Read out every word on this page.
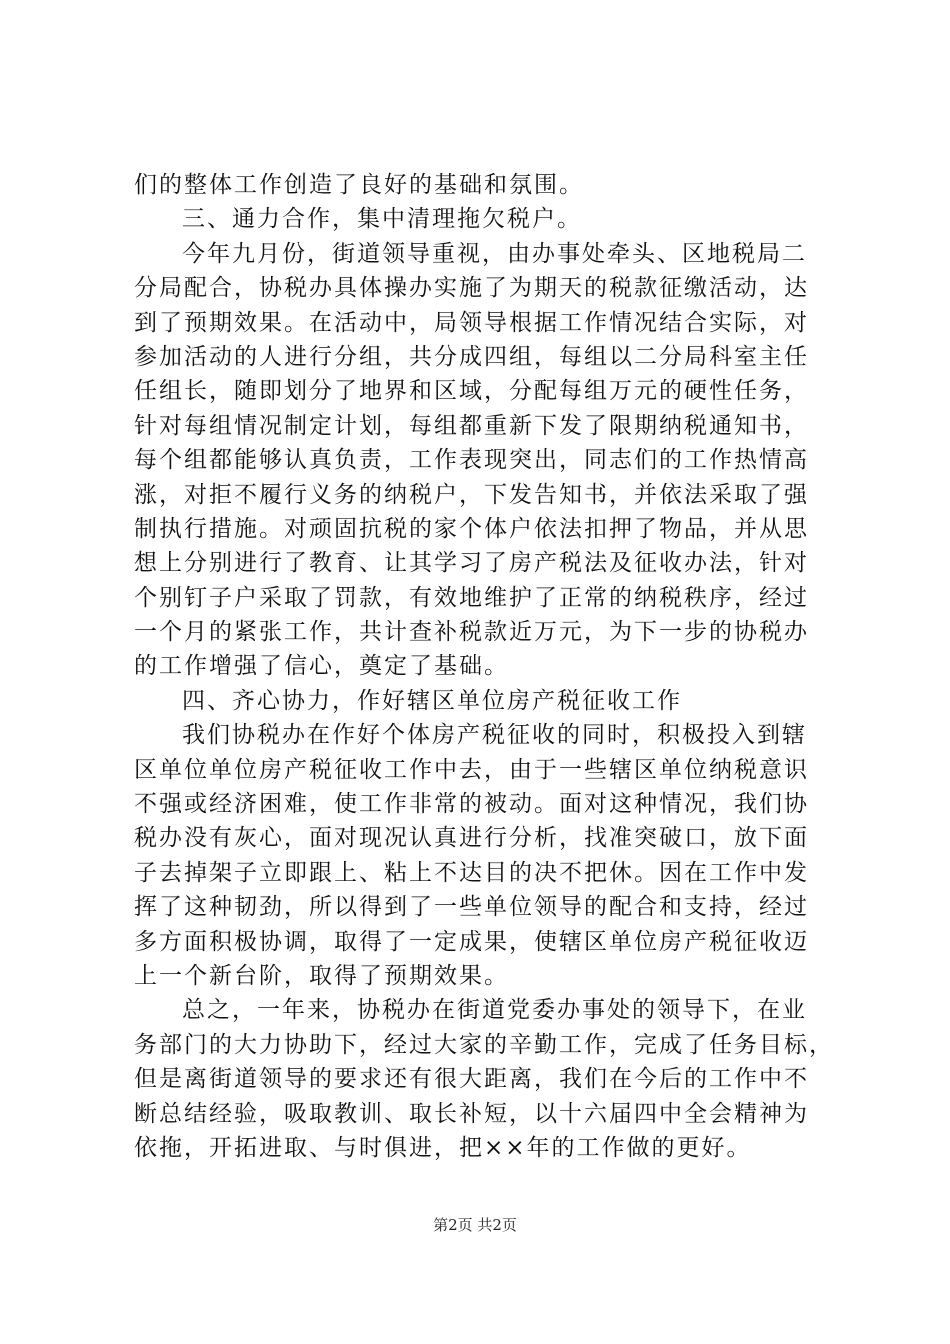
们的整体工作创造了良好的基础和氛围。
三、通力合作，集中清理拖欠税户。
今年九月份，街道领导重视，由办事处牵头、区地税局二
分局配合，协税办具体操办实施了为期天的税款征缴活动，达
到了预期效果。在活动中，局领导根据工作情况结合实际，对
参加活动的人进行分组，共分成四组，每组以二分局科室主任
任组长，随即划分了地界和区域，分配每组万元的硬性任务，
针对每组情况制定计划，每组都重新下发了限期纳税通知书，
每个组都能够认真负责，工作表现突出，同志们的工作热情高
涨，对拒不履行义务的纳税户，下发告知书，并依法采取了强
制执行措施。对顽固抗税的家个体户依法扣押了物品，并从思
想上分别进行了教育、让其学习了房产税法及征收办法，针对
个别钉子户采取了罚款，有效地维护了正常的纳税秩序，经过
一个月的紧张工作，共计查补税款近万元，为下一步的协税办
的工作增强了信心，奠定了基础。
四、齐心协力，作好辖区单位房产税征收工作
我们协税办在作好个体房产税征收的同时，积极投入到辖
区单位单位房产税征收工作中去，由于一些辖区单位纳税意识
不强或经济困难，使工作非常的被动。面对这种情况，我们协
税办没有灰心，面对现况认真进行分析，找准突破口，放下面
子去掉架子立即跟上、粘上不达目的决不把休。因在工作中发
挥了这种韧劲，所以得到了一些单位领导的配合和支持，经过
多方面积极协调，取得了一定成果，使辖区单位房产税征收迈
上一个新台阶，取得了预期效果。
总之，一年来，协税办在街道党委办事处的领导下，在业
务部门的大力协助下，经过大家的辛勤工作，完成了任务目标，
但是离街道领导的要求还有很大距离，我们在今后的工作中不
断总结经验，吸取教训、取长补短，以十六届四中全会精神为
依拖，开拓进取、与时俱进，把××年的工作做的更好。
第2页 共2页
